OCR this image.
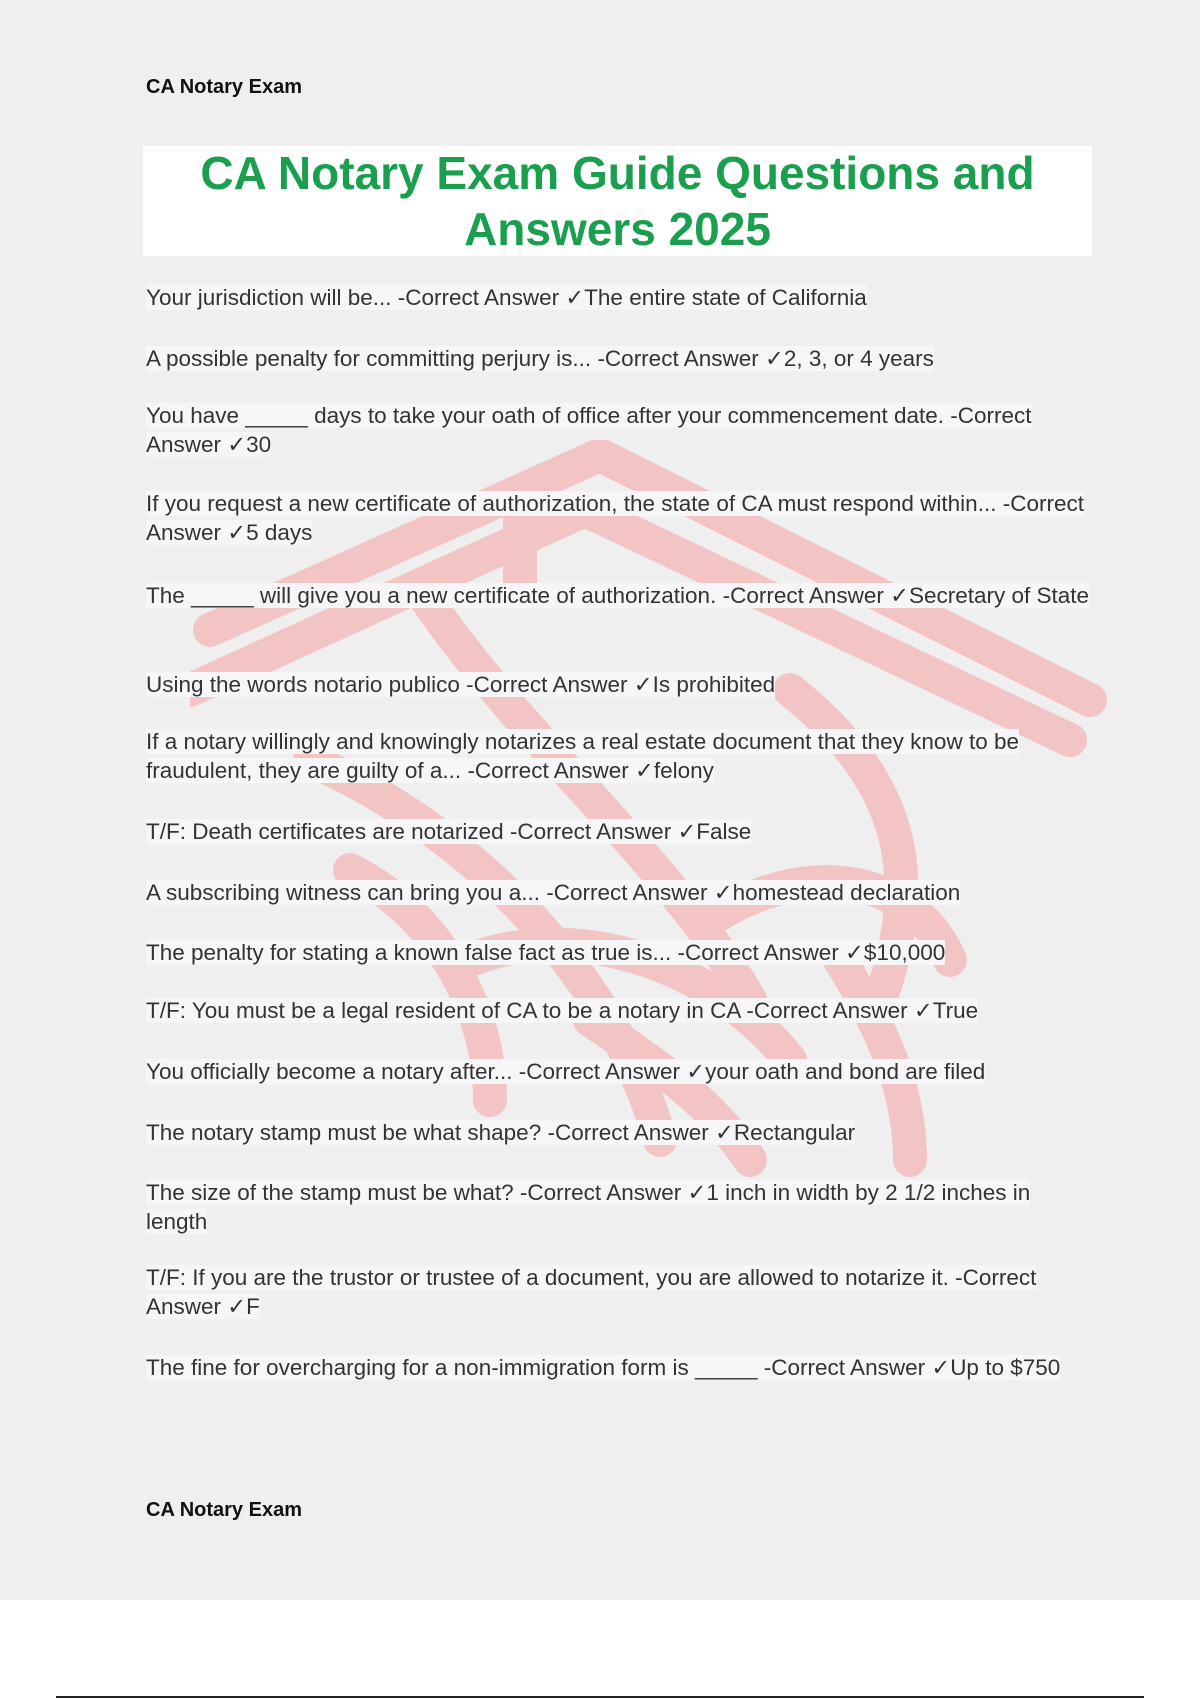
CA Notary Exam
CA Notary Exam Guide Questions and Answers 2025
Your jurisdiction will be... -Correct Answer ✓The entire state of California
A possible penalty for committing perjury is... -Correct Answer ✓2, 3, or 4 years
You have _____ days to take your oath of office after your commencement date. -Correct Answer ✓30
If you request a new certificate of authorization, the state of CA must respond within... -Correct Answer ✓5 days
The _____ will give you a new certificate of authorization. -Correct Answer ✓Secretary of State
Using the words notario publico -Correct Answer ✓Is prohibited
If a notary willingly and knowingly notarizes a real estate document that they know to be fraudulent, they are guilty of a... -Correct Answer ✓felony
T/F: Death certificates are notarized -Correct Answer ✓False
A subscribing witness can bring you a... -Correct Answer ✓homestead declaration
The penalty for stating a known false fact as true is... -Correct Answer ✓$10,000
T/F: You must be a legal resident of CA to be a notary in CA -Correct Answer ✓True
You officially become a notary after... -Correct Answer ✓your oath and bond are filed
The notary stamp must be what shape? -Correct Answer ✓Rectangular
The size of the stamp must be what? -Correct Answer ✓1 inch in width by 2 1/2 inches in length
T/F: If you are the trustor or trustee of a document, you are allowed to notarize it. -Correct Answer ✓F
The fine for overcharging for a non-immigration form is _____ -Correct Answer ✓Up to $750
CA Notary Exam
